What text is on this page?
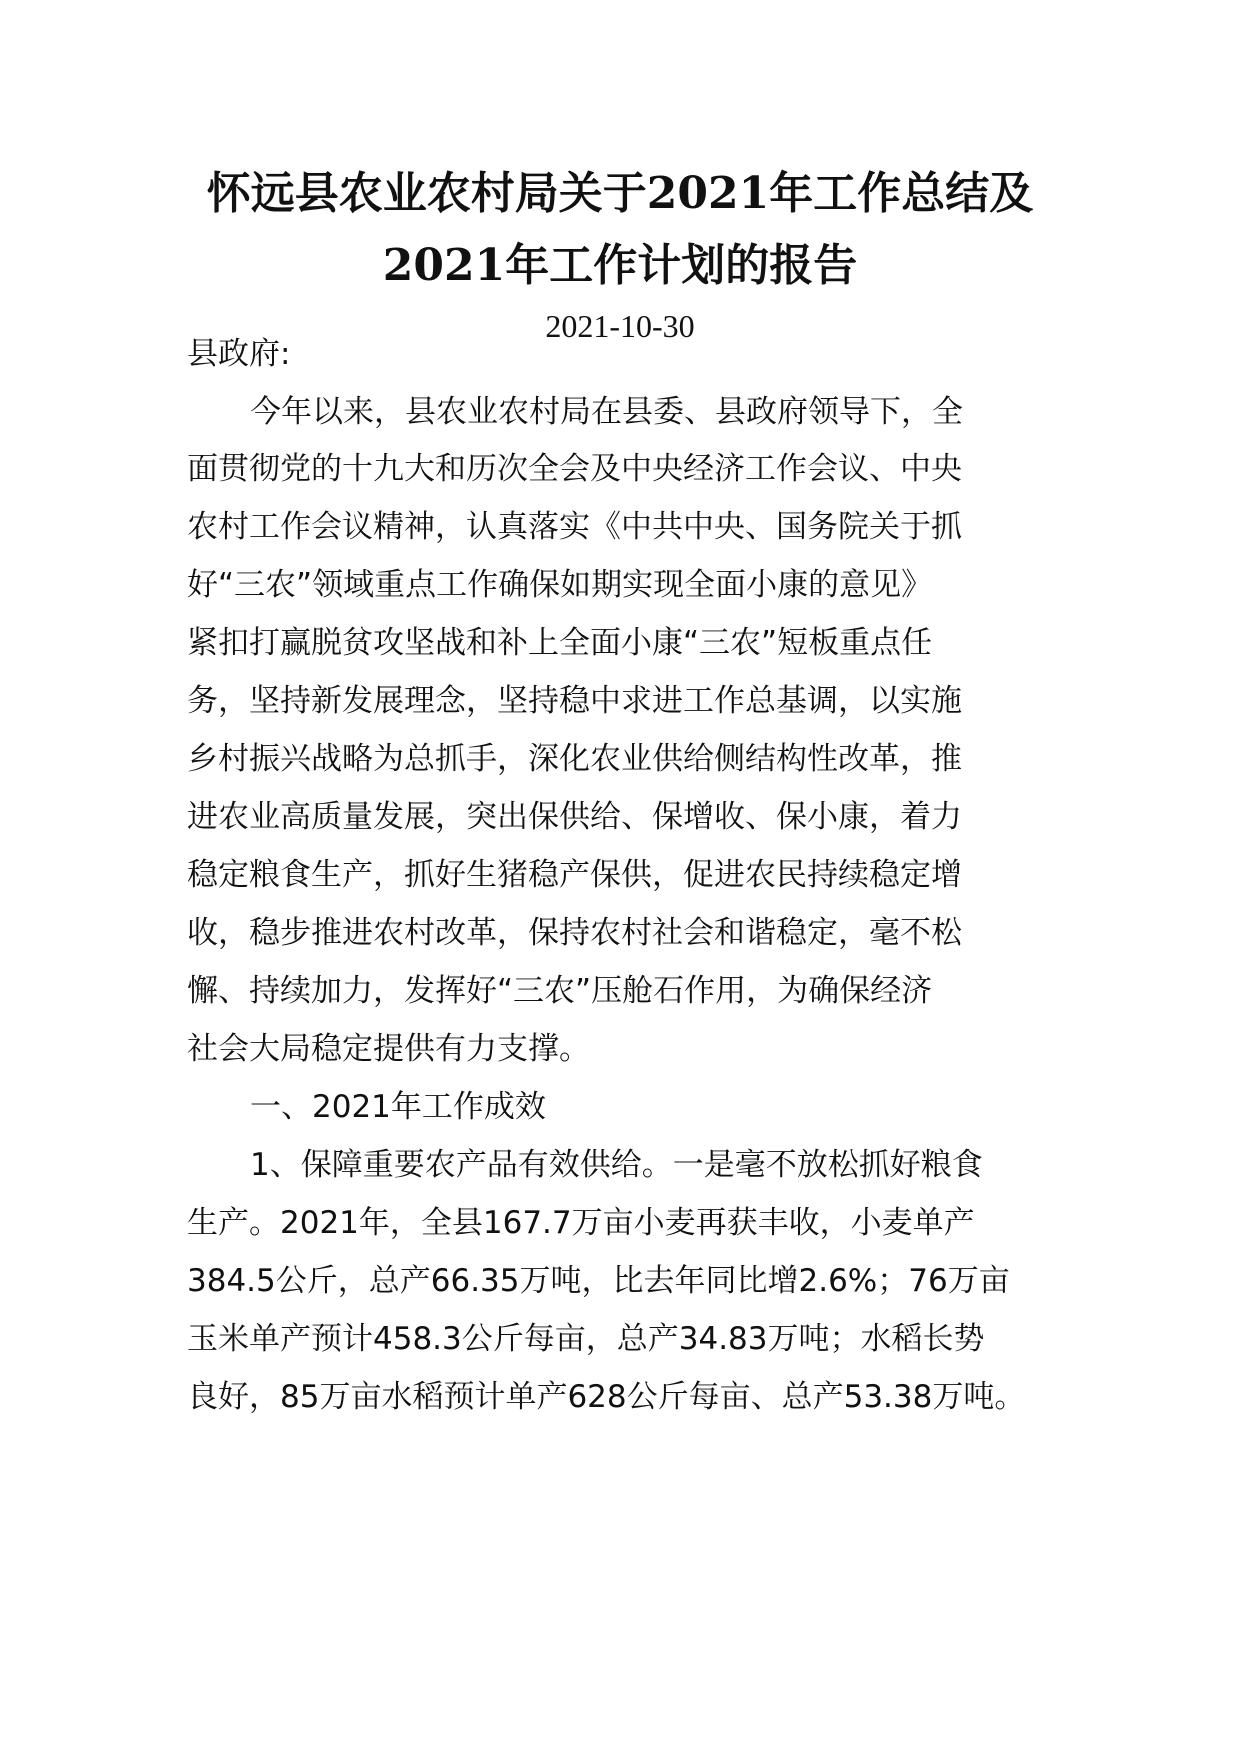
怀远县农业农村局关于2021年工作总结及
2021年工作计划的报告
2021-10-30
县政府:
今年以来，县农业农村局在县委、县政府领导下，全
面贯彻党的十九大和历次全会及中央经济工作会议、中央
农村工作会议精神，认真落实《中共中央、国务院关于抓
好“三农”领域重点工作确保如期实现全面小康的意见》
紧扣打赢脱贫攻坚战和补上全面小康“三农”短板重点任
务，坚持新发展理念，坚持稳中求进工作总基调，以实施
乡村振兴战略为总抓手，深化农业供给侧结构性改革，推
进农业高质量发展，突出保供给、保增收、保小康，着力
稳定粮食生产，抓好生猪稳产保供，促进农民持续稳定增
收，稳步推进农村改革，保持农村社会和谐稳定，毫不松
懈、持续加力，发挥好“三农”压舱石作用，为确保经济
社会大局稳定提供有力支撑。
一、2021年工作成效
1、保障重要农产品有效供给。一是毫不放松抓好粮食
生产。2021年，全县167.7万亩小麦再获丰收，小麦单产
384.5公斤，总产66.35万吨，比去年同比增2.6%；76万亩
玉米单产预计458.3公斤每亩，总产34.83万吨；水稻长势
良好，85万亩水稻预计单产628公斤每亩、总产53.38万吨。
